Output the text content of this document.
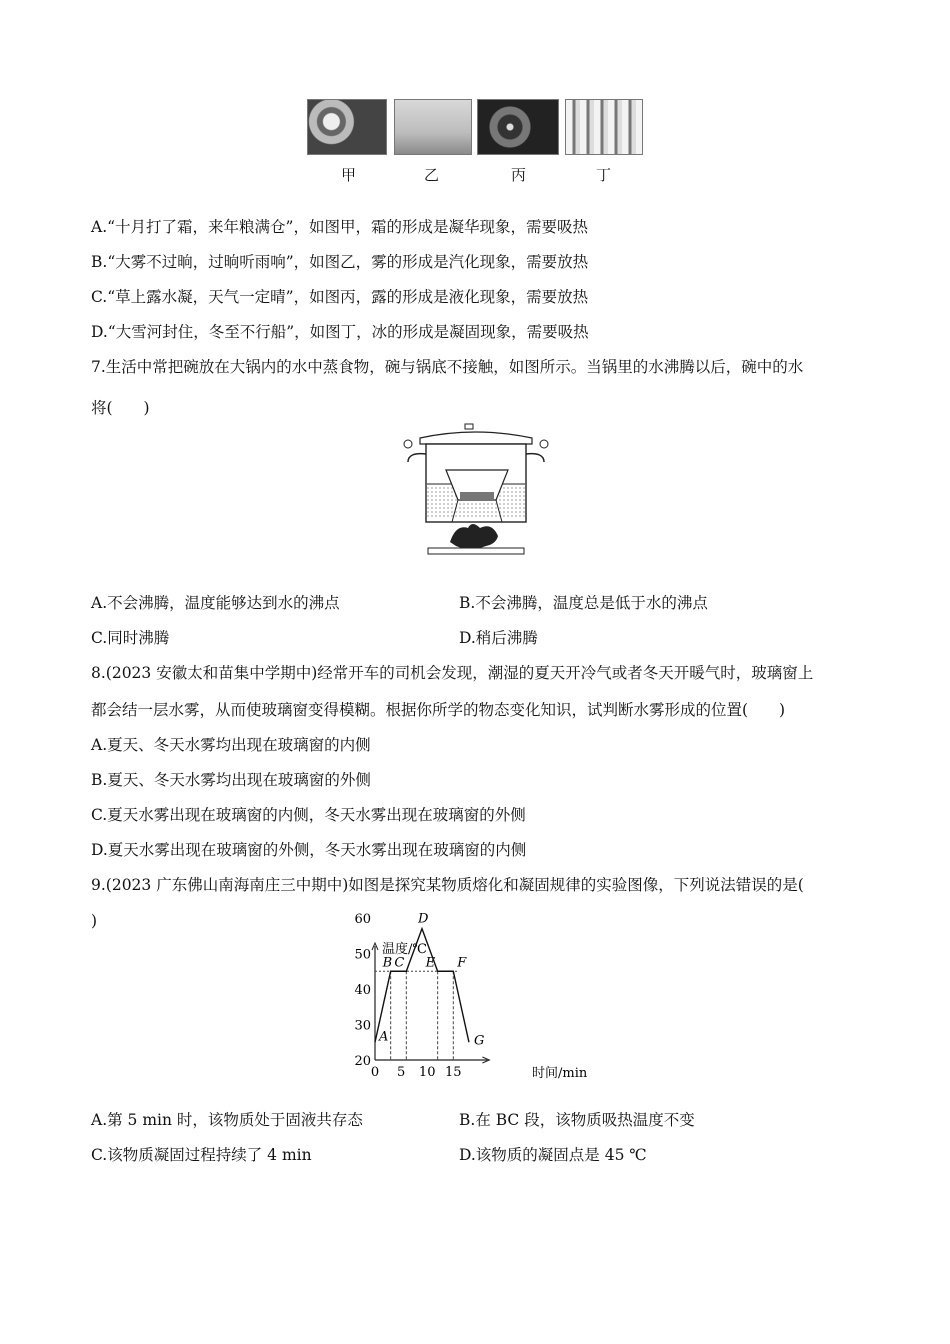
甲	乙	丙	丁
A.“十月打了霜，来年粮满仓”，如图甲，霜的形成是凝华现象，需要吸热
B.“大雾不过晌，过晌听雨响”，如图乙，雾的形成是汽化现象，需要放热
C.“草上露水凝，天气一定晴”，如图丙，露的形成是液化现象，需要放热
D.“大雪河封住，冬至不行船”，如图丁，冰的形成是凝固现象，需要吸热
7.生活中常把碗放在大锅内的水中蒸食物，碗与锅底不接触，如图所示。当锅里的水沸腾以后，碗中的水
将(　　)
A.不会沸腾，温度能够达到水的沸点	B.不会沸腾，温度总是低于水的沸点
C.同时沸腾	D.稍后沸腾
8.(2023 安徽太和苗集中学期中)经常开车的司机会发现，潮湿的夏天开冷气或者冬天开暖气时，玻璃窗上
都会结一层水雾，从而使玻璃窗变得模糊。根据你所学的物态变化知识，试判断水雾形成的位置(　　)
A.夏天、冬天水雾均出现在玻璃窗的内侧
B.夏天、冬天水雾均出现在玻璃窗的外侧
C.夏天水雾出现在玻璃窗的内侧，冬天水雾出现在玻璃窗的外侧
D.夏天水雾出现在玻璃窗的外侧，冬天水雾出现在玻璃窗的内侧
9.(2023 广东佛山南海南庄三中期中)如图是探究某物质熔化和凝固规律的实验图像，下列说法错误的是(
)
温度/℃
时间/min
20
30
40
50
60
0 5 10 15
A
B C
D
E F
G
A.第 5 min 时，该物质处于固液共存态	B.在 BC 段，该物质吸热温度不变
C.该物质凝固过程持续了 4 min	D.该物质的凝固点是 45 ℃
